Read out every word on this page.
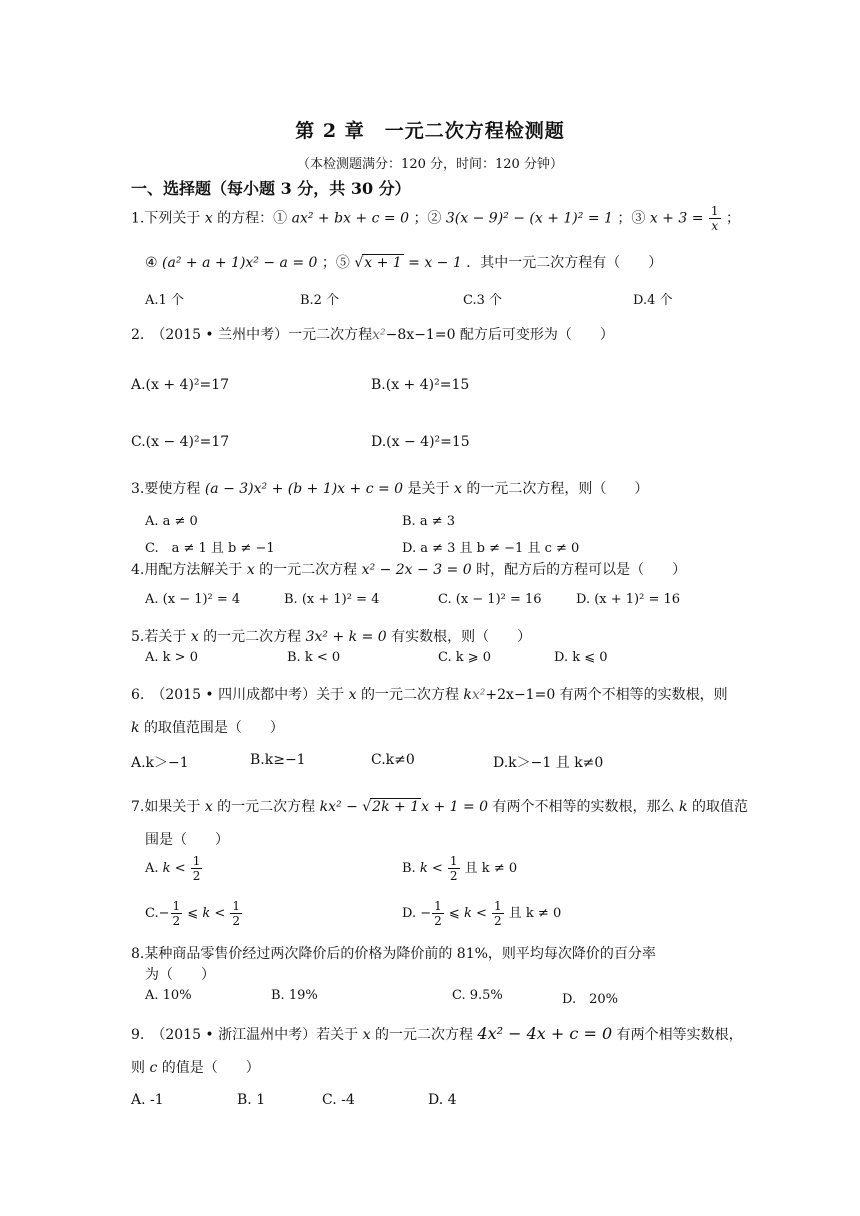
第 2 章　一元二次方程检测题
（本检测题满分：120 分，时间：120 分钟）
一、选择题（每小题 3 分，共 30 分）
1.下列关于 x 的方程：① ax² + bx + c = 0 ；② 3(x − 9)² − (x + 1)² = 1 ；③ $x + 3 = \frac{1}{x}$ ；
④ (a² + a + 1)x² − a = 0 ；⑤ √x + 1 = x − 1 ．其中一元二次方程有（　　）
A.1 个	B.2 个	C.3 个	D.4 个
2.　（2015 • 兰州中考）一元二次方程x²−8x−1=0 配方后可变形为（　　）
A.(x + 4)²=17	B.(x + 4)²=15
C.(x − 4)²=17	D.(x − 4)²=15
3.要使方程 (a − 3)x² + (b + 1)x + c = 0 是关于 x 的一元二次方程，则（　　）
A. a ≠ 0	B. a ≠ 3
C.　a ≠ 1 且 b ≠ −1	D. a ≠ 3 且 b ≠ −1 且 c ≠ 0
4.用配方法解关于 x 的一元二次方程 x² − 2x − 3 = 0 时，配方后的方程可以是（　　）
A. (x − 1)² = 4	B. (x + 1)² = 4	C. (x − 1)² = 16	D. (x + 1)² = 16
5.若关于 x 的一元二次方程 3x² + k = 0 有实数根，则（　　）
A. k > 0	B. k < 0	C. k ⩾ 0	D. k ⩽ 0
6.　（2015 • 四川成都中考）关于 x 的一元二次方程 kx²+2x−1=0 有两个不相等的实数根，则
k 的取值范围是（　　）
A.k＞−1	B.k≥−1	C.k≠0	D.k＞−1 且 k≠0
7.如果关于 x 的一元二次方程 kx² − √2k + 1 x + 1 = 0 有两个不相等的实数根，那么 k 的取值范
围是（　　）
A. $k < \frac{1}{2}$	B. $k < \frac{1}{2}$ 且 k ≠ 0
$C.- \frac{1}{2}$ ⩽ $k < \frac{1}{2}$	D. − $\frac{1}{2}$ ⩽ $k < \frac{1}{2}$ 且 k ≠ 0
8.某种商品零售价经过两次降价后的价格为降价前的 81%，则平均每次降价的百分率
为（　　）
A. 10%	B. 19%	C. 9.5%	D.　20%
9.　（2015 • 浙江温州中考）若关于 x 的一元二次方程 4x² − 4x + c = 0 有两个相等实数根，
则 c 的值是（　　）
A. -1	B. 1	C. -4	D. 4
